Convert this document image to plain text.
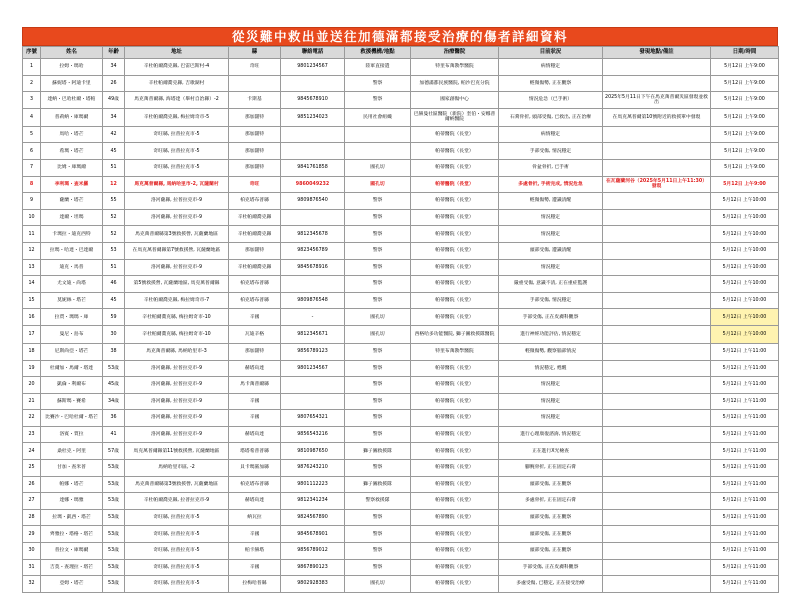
從災難中救出並送往加德滿都接受治療的傷者詳細資料
序號	姓名	年齡	地址	縣	聯絡電話	救援機構/地點	治療醫院	目前狀況	發現地點/備註	日期/時間
1	拉姆・瑪哈	34	辛杜帕爾喬克縣, 巴雷巴斯村-4	奇旺	9801234567	陸軍直接遣	特里布萬教學醫院	病情穩定		5月12日 上午9:00
2	蘇妮塔・阿迪卡里	26	辛杜帕爾喬克縣, 吉歌湖村			警察	加德滿都民族醫院, 帕沙巴克分院	輕微傷勢, 正在觀察		5月12日 上午9:00
3	達納・巴哈杜爾・塔帕	49歲	馬克萬普爾縣, 海塔達（畢村自治縣）-2	卡斯基	9845678910	警察	國家創傷中心	情況危急（已手術）	2025年5月11日下午在馬克萬普爾災區發現並救出	5月12日 上午9:00
4	普莉納・庫瑪爾	34	辛杜帕爾喬克縣, 梅拉姆奇市-5	那加闊特	9851234023	民用社會組織	巴赫曼社區醫院（新院）奎伯・安娜普爾納醫院	石膏骨折, 頭部受傷, 已救出, 正在治療	在馬克萬普爾第10號附近的救援單中發現	5月12日 上午9:00
5	馬哈・塔芒	42	奇旺縣, 拉普拉克市-5	那加闊特			帕蒂醫院（長堂）	病情穩定		5月12日 上午9:00
6	希瑪・塔芒	45	奇旺縣, 拉普拉克市-5	那加闊特			帕蒂醫院（長堂）	手部受傷, 情況穩定		5月12日 上午9:00
7	比姆・庫瑪爾	51	奇旺縣, 拉普拉克市-5	那加闊特	9841761858	國孔切	帕蒂醫院（長堂）	骨盆骨折, 已手術		5月12日 上午9:00
8	李利瑪・查米羅	12	馬克萬普爾縣, 馬納哈里市-2, 瓦薩蘭村	奇旺	9860049232	國孔切	帕蒂醫院（長堂）	多處骨折, 手術完成, 情況危急	在瓦薩蘭河谷（2025年5月11日上午11:30）發現	5月12日 上午9:00
9	薩蘭・塔芒	55	洛河薩縣, 拉普拉克市-9	柏克塔布普縣	9809876540	警察	帕蒂醫院（長堂）	輕微傷勢, 遭識清醒		5月12日 上午10:00
10	達爾・坦瑪	52	洛河薩縣, 拉普拉克市-9	辛杜帕爾喬克縣		警察	帕蒂醫院（長堂）	情況穩定		5月12日 上午10:00
11	卡瑪拉・迪克西特	52	馬克萬普爾縣第3號救援營, 瓦薩蘭地區	辛杜帕爾喬克縣	9812345678	警察	帕蒂醫院（長堂）	情況穩定		5月12日 上午10:00
12	拉瑪・哈達・巴達爾	53	在馬克萬普爾縣第7號救援營, 瓦薩蘭地區	那加闊特	9823456789	警察	帕蒂醫院（長堂）	頭部受傷, 遭識清醒		5月12日 上午10:00
13	迪克・馬普	51	洛河薩縣, 拉普拉克市-9	辛杜帕爾喬克縣	9845678916	警察	帕蒂醫院（長堂）	情況穩定		5月12日 上午10:00
14	尤文迪・尚塔	46	第5號救援營, 瓦薩蘭地區, 馬克萬普爾縣	柏克塔布普縣		警察	帕蒂醫院（長堂）	嚴重受傷, 意識不清, 正在重症監護		5月12日 上午10:00
15	莫妮絲・塔芒	45	辛杜帕爾喬克縣, 梅拉姆奇市-7	柏克塔布普縣	9809876548	警察	帕蒂醫院（長堂）	手部受傷, 情況穩定		5月12日 上午10:00
16	拉賈・瑪瑪・庫	59	辛杜帕爾喬克縣, 梅拉姆奇市-10	辛國	-	國孔切	帕蒂醫院（長堂）	手部受傷, 正在皮膚科觀察		5月12日 上午10:00
17	曼尼・島布	30	辛杜帕爾喬克縣, 梅拉姆奇市-10	瓦迪辛格	9812345671	國孔切	西格哈多功能醫院, 獅子圖救援隊醫院	進行神經功能評估, 情況穩定		5月12日 上午10:00
18	尼斯尚亞・塔芒	38	馬克萬普爾縣, 馬納哈里市-3	那加闊特	9856789123	警察	特里布萬教學醫院	輕微傷勢, 觀察腦部情況		5月12日 上午11:00
19	杜爾加・馬爾・塔達	53歲	洛河薩縣, 拉普拉克市-9	赫塔烏達	9801234567	警察	帕蒂醫院（長堂）	情況穩定, 甦醒		5月12日 上午11:00
20	凱倫・利爾布	45歲	洛河薩縣, 拉普拉克市-9	馬卡萬普爾縣		警察	帕蒂醫院（長堂）	情況穩定		5月12日 上午11:00
21	蘇斯瑪・賽希	34歲	洛河薩縣, 拉普拉克市-9	辛國		警察	帕蒂醫院（長堂）	情況穩定		5月12日 上午11:00
22	比賽沙・巴哈杜爾・塔芒	36	洛河薩縣, 拉普拉克市-9	辛國	9807654321	警察	帕蒂醫院（長堂）	情況穩定		5月12日 上午11:00
23	洛賓・賈拉	41	洛河薩縣, 拉普拉克市-9	赫塔烏達	9856543216	警察	帕蒂醫院（長堂）	進行心理康復諮詢, 情況穩定		5月12日 上午11:00
24	桑杜克・阿里	57歲	馬克萬普爾縣第11號救援營, 瓦薩蘭地區	塔塔希普普縣	9810987650	獅子圖救援隊	帕蒂醫院（長堂）	正在進行X光檢查		5月12日 上午11:00
25	甘加・查米普	53歲	馬納哈里市區, -2	貝卡瑪黨加縣	9876243210	警察	帕蒂醫院（長堂）	腳腕骨折, 正在固定石膏		5月12日 上午11:00
26	帕娜・塔芒	53歲	馬克萬普爾縣第3號救援營, 瓦薩蘭地區	柏克塔布普縣	9801112223	獅子圖救援隊	帕蒂醫院（長堂）	頭部受傷, 正在觀察		5月12日 上午11:00
27	達娜・瑪雅	53歲	辛杜帕爾喬克縣, 拉普拉克市-9	赫塔烏達	9812341234	警察救援隊	帕蒂醫院（長堂）	多處骨折, 正在固定石膏		5月12日 上午11:00
28	拉瑪・凱西・塔芒	53歲	奇旺縣, 拉普拉克市-5	納瓦拉	9824567890	警察	帕蒂醫院（長堂）	頭部受傷, 正在觀察		5月12日 上午11:00
29	齊雅拉・塔格・塔芒	53歲	奇旺縣, 拉普拉克市-5	辛國	9845678901	警察	帕蒂醫院（長堂）	頭部受傷, 正在觀察		5月12日 上午11:00
30	普拉文・庫瑪爾	53歲	奇旺縣, 拉普拉克市-5	帕卡赫塔	9856789012	警察	帕蒂醫院（長堂）	頭部受傷, 正在觀察		5月12日 上午11:00
31	吉莫・查理拉・塔芒	53歲	奇旺縣, 拉普拉克市-5	辛國	9867890123	警察	帕蒂醫院（長堂）	手部受傷, 正在皮膚科觀察		5月12日 上午11:00
32	亞姆・塔芒	53歲	奇旺縣, 拉普拉克市-5	拉梅哈普縣	9802928383	國孔切	帕蒂醫院（長堂）	多處受傷, 已穩定, 正在接受治療		5月12日 上午11:00
